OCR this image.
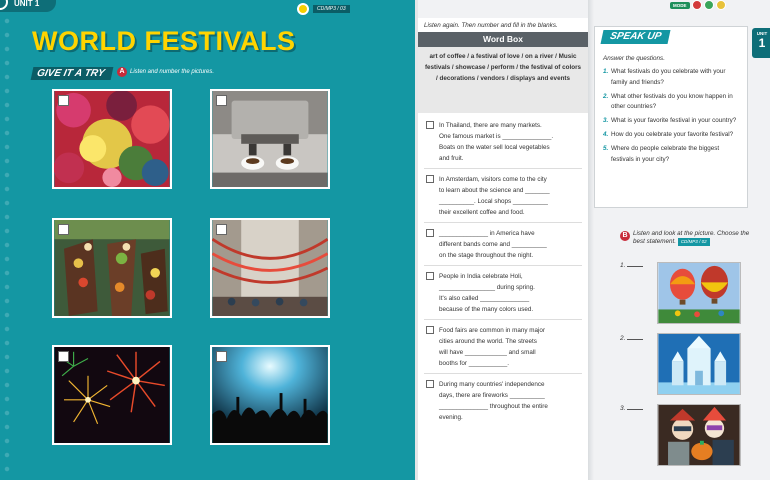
UNIT 1
CD/MP3 / 03
WORLD FESTIVALS
GIVE IT A TRY	A Listen and number the pictures.
Listen again. Then number and fill in the blanks.
Word Box
art of coffee / a festival of love / on a river / Music festivals / showcase / perform / the festival of colors / decorations / vendors / displays and events
In Thailand, there are many markets.
One famous market is ______________.
Boats on the water sell local vegetables
and fruit.
In Amsterdam, visitors come to the city
to learn about the science and _______
__________. Local shops __________
their excellent coffee and food.
______________ in America have
different bands come and __________
on the stage throughout the night.
People in India celebrate Holi,
________________ during spring.
It's also called ______________
because of the many colors used.
Food fairs are common in many major
cities around the world. The streets
will have ____________ and small
booths for ___________.
During many countries' independence
days, there are fireworks __________
______________ throughout the entire
evening.
MODE
UNIT
1
SPEAK UP
Answer the questions.
1. What festivals do you celebrate with your family and friends?
2. What other festivals do you know happen in other countries?
3. What is your favorite festival in your country?
4. How do you celebrate your favorite festival?
5. Where do people celebrate the biggest festivals in your city?
B Listen and look at the picture. Choose the best statement. CD/MP3 / 02
1.
2.
3.
